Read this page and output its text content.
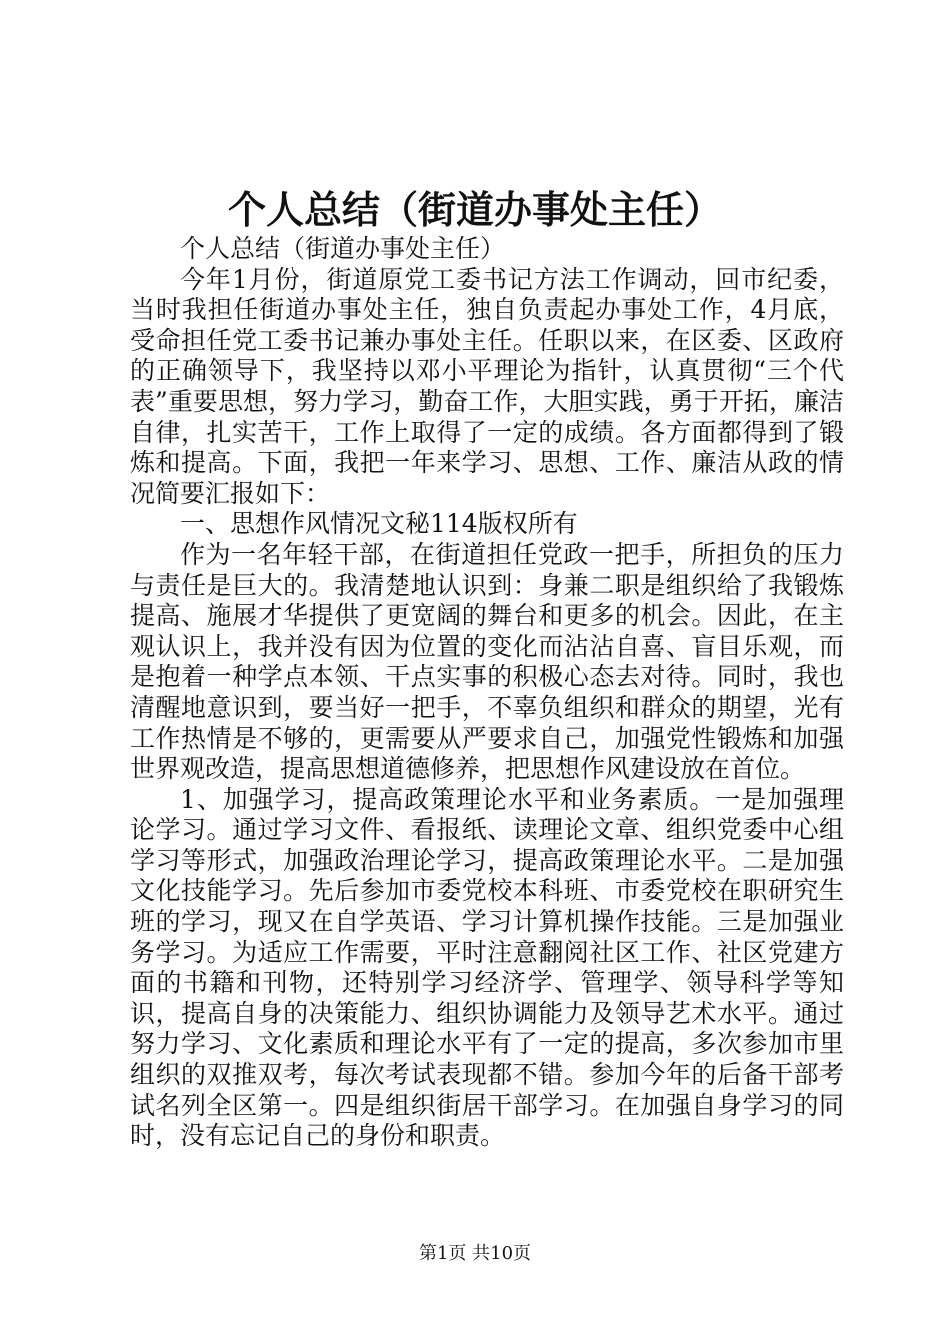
个人总结（街道办事处主任）

个人总结（街道办事处主任）

今年1月份，街道原党工委书记方法工作调动，回市纪委，当时我担任街道办事处主任，独自负责起办事处工作，4月底，受命担任党工委书记兼办事处主任。任职以来，在区委、区政府的正确领导下，我坚持以邓小平理论为指针，认真贯彻“三个代表”重要思想，努力学习，勤奋工作，大胆实践，勇于开拓，廉洁自律，扎实苦干，工作上取得了一定的成绩。各方面都得到了锻炼和提高。下面，我把一年来学习、思想、工作、廉洁从政的情况简要汇报如下：

一、思想作风情况文秘114版权所有

作为一名年轻干部，在街道担任党政一把手，所担负的压力与责任是巨大的。我清楚地认识到：身兼二职是组织给了我锻炼提高、施展才华提供了更宽阔的舞台和更多的机会。因此，在主观认识上，我并没有因为位置的变化而沾沾自喜、盲目乐观，而是抱着一种学点本领、干点实事的积极心态去对待。同时，我也清醒地意识到，要当好一把手，不辜负组织和群众的期望，光有工作热情是不够的，更需要从严要求自己，加强党性锻炼和加强世界观改造，提高思想道德修养，把思想作风建设放在首位。

1、加强学习，提高政策理论水平和业务素质。一是加强理论学习。通过学习文件、看报纸、读理论文章、组织党委中心组学习等形式，加强政治理论学习，提高政策理论水平。二是加强文化技能学习。先后参加市委党校本科班、市委党校在职研究生班的学习，现又在自学英语、学习计算机操作技能。三是加强业务学习。为适应工作需要，平时注意翻阅社区工作、社区党建方面的书籍和刊物，还特别学习经济学、管理学、领导科学等知识，提高自身的决策能力、组织协调能力及领导艺术水平。通过努力学习、文化素质和理论水平有了一定的提高，多次参加市里组织的双推双考，每次考试表现都不错。参加今年的后备干部考试名列全区第一。四是组织街居干部学习。在加强自身学习的同时，没有忘记自己的身份和职责。

第1页 共10页
